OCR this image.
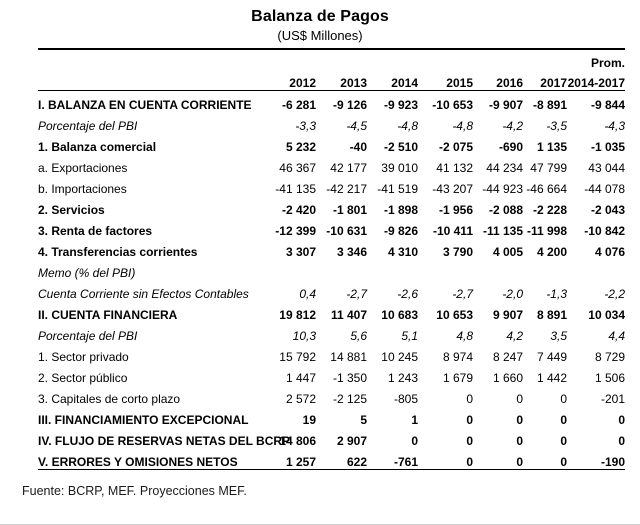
Balanza de Pagos
(US$ Millones)

							Prom.
	2012	2013	2014	2015	2016	2017	2014-2017

I. BALANZA EN CUENTA CORRIENTE	-6 281	-9 126	-9 923	-10 653	-9 907	-8 891	-9 844
Porcentaje del PBI	-3,3	-4,5	-4,8	-4,8	-4,2	-3,5	-4,3
1. Balanza comercial	5 232	-40	-2 510	-2 075	-690	1 135	-1 035
a. Exportaciones	46 367	42 177	39 010	41 132	44 234	47 799	43 044
b. Importaciones	-41 135	-42 217	-41 519	-43 207	-44 923	-46 664	-44 078
2. Servicios	-2 420	-1 801	-1 898	-1 956	-2 088	-2 228	-2 043
3. Renta de factores	-12 399	-10 631	-9 826	-10 411	-11 135	-11 998	-10 842
4. Transferencias corrientes	3 307	3 346	4 310	3 790	4 005	4 200	4 076
Memo (% del PBI)							
Cuenta Corriente sin Efectos Contables	0,4	-2,7	-2,6	-2,7	-2,0	-1,3	-2,2
II. CUENTA FINANCIERA	19 812	11 407	10 683	10 653	9 907	8 891	10 034
Porcentaje del PBI	10,3	5,6	5,1	4,8	4,2	3,5	4,4
1. Sector privado	15 792	14 881	10 245	8 974	8 247	7 449	8 729
2. Sector público	1 447	-1 350	1 243	1 679	1 660	1 442	1 506
3. Capitales de corto plazo	2 572	-2 125	-805	0	0	0	-201
III. FINANCIAMIENTO EXCEPCIONAL	19	5	1	0	0	0	0
IV. FLUJO DE RESERVAS NETAS DEL BCRP	14 806	2 907	0	0	0	0	0
V. ERRORES Y OMISIONES NETOS	1 257	622	-761	0	0	0	-190

Fuente: BCRP, MEF. Proyecciones MEF.
